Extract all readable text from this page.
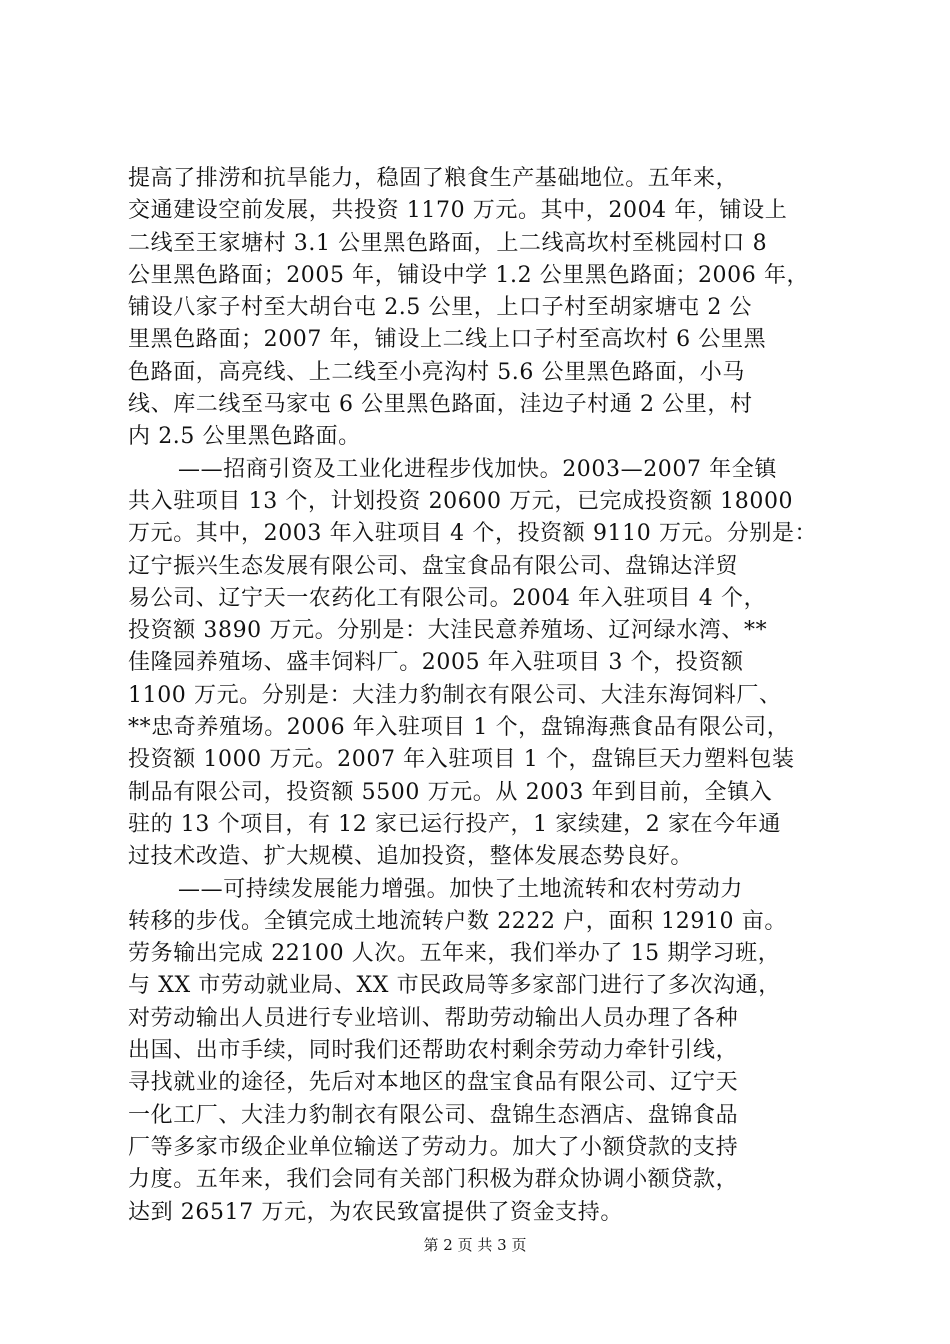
提高了排涝和抗旱能力，稳固了粮食生产基础地位。五年来，
交通建设空前发展，共投资 1170 万元。其中，2004 年，铺设上
二线至王家塘村 3.1 公里黑色路面，上二线高坎村至桃园村口 8
公里黑色路面；2005 年，铺设中学 1.2 公里黑色路面；2006 年，
铺设八家子村至大胡台屯 2.5 公里，上口子村至胡家塘屯 2 公
里黑色路面；2007 年，铺设上二线上口子村至高坎村 6 公里黑
色路面，高亮线、上二线至小亮沟村 5.6 公里黑色路面，小马
线、库二线至马家屯 6 公里黑色路面，洼边子村通 2 公里，村
内 2.5 公里黑色路面。
——招商引资及工业化进程步伐加快。2003—2007 年全镇
共入驻项目 13 个，计划投资 20600 万元，已完成投资额 18000
万元。其中，2003 年入驻项目 4 个，投资额 9110 万元。分别是：
辽宁振兴生态发展有限公司、盘宝食品有限公司、盘锦达洋贸
易公司、辽宁天一农药化工有限公司。2004 年入驻项目 4 个，
投资额 3890 万元。分别是：大洼民意养殖场、辽河绿水湾、**
佳隆园养殖场、盛丰饲料厂。2005 年入驻项目 3 个，投资额
1100 万元。分别是：大洼力豹制衣有限公司、大洼东海饲料厂、
**忠奇养殖场。2006 年入驻项目 1 个，盘锦海燕食品有限公司，
投资额 1000 万元。2007 年入驻项目 1 个，盘锦巨天力塑料包装
制品有限公司，投资额 5500 万元。从 2003 年到目前，全镇入
驻的 13 个项目，有 12 家已运行投产，1 家续建，2 家在今年通
过技术改造、扩大规模、追加投资，整体发展态势良好。
——可持续发展能力增强。加快了土地流转和农村劳动力
转移的步伐。全镇完成土地流转户数 2222 户，面积 12910 亩。
劳务输出完成 22100 人次。五年来，我们举办了 15 期学习班，
与 XX 市劳动就业局、XX 市民政局等多家部门进行了多次沟通，
对劳动输出人员进行专业培训、帮助劳动输出人员办理了各种
出国、出市手续，同时我们还帮助农村剩余劳动力牵针引线，
寻找就业的途径，先后对本地区的盘宝食品有限公司、辽宁天
一化工厂、大洼力豹制衣有限公司、盘锦生态酒店、盘锦食品
厂等多家市级企业单位输送了劳动力。加大了小额贷款的支持
力度。五年来，我们会同有关部门积极为群众协调小额贷款，
达到 26517 万元，为农民致富提供了资金支持。
第 2 页 共 3 页
